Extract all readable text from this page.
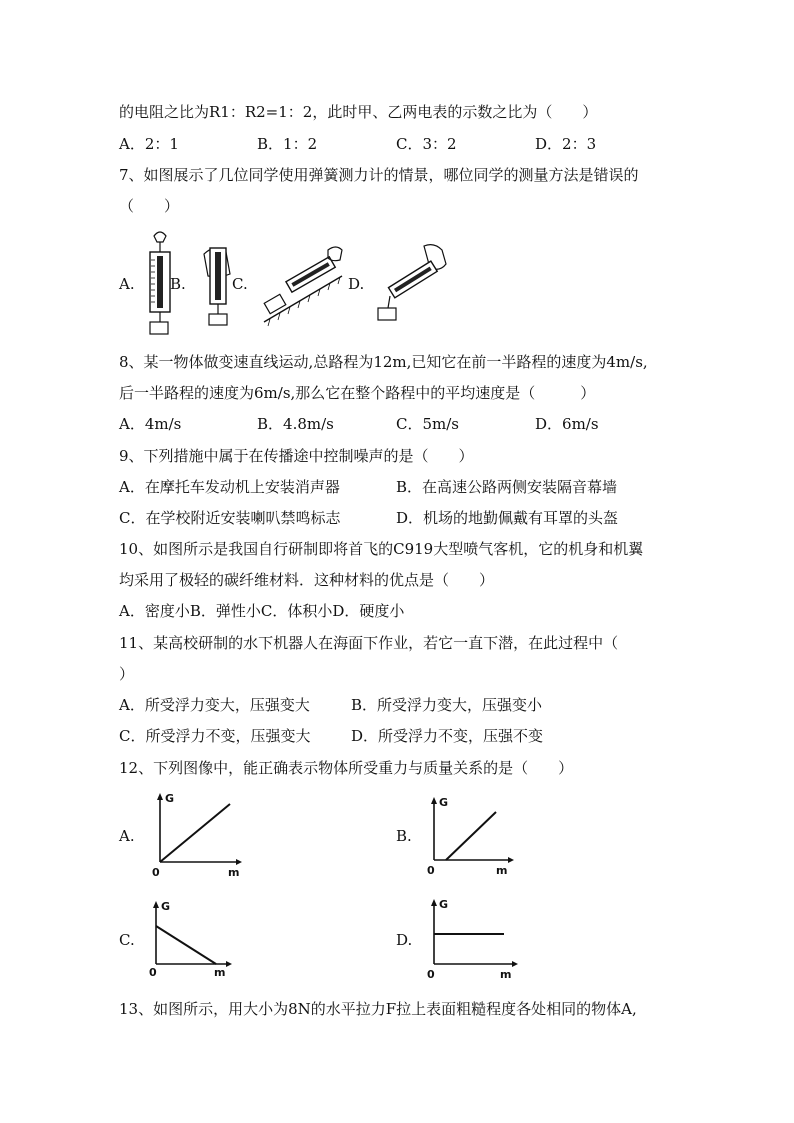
的电阻之比为R1：R2=1：2，此时甲、乙两电表的示数之比为（　　）
A．2：1	B．1：2	C．3：2	D．2：3
7、如图展示了几位同学使用弹簧测力计的情景，哪位同学的测量方法是错误的
（　　）
A. B.	C.	D.
8、某一物体做变速直线运动,总路程为12m,已知它在前一半路程的速度为4m/s,
后一半路程的速度为6m/s,那么它在整个路程中的平均速度是（　　　）
A．4m/s	B．4.8m/s	C．5m/s	D．6m/s
9、下列措施中属于在传播途中控制噪声的是（　　）
A．在摩托车发动机上安装消声器	B．在高速公路两侧安装隔音幕墙
C．在学校附近安装喇叭禁鸣标志	D．机场的地勤佩戴有耳罩的头盔
10、如图所示是我国自行研制即将首飞的C919大型喷气客机，它的机身和机翼
均采用了极轻的碳纤维材料．这种材料的优点是（　　）
A．密度小B．弹性小C．体积小D．硬度小
11、某高校研制的水下机器人在海面下作业，若它一直下潜，在此过程中（
）
A．所受浮力变大，压强变大	B．所受浮力变大，压强变小
C．所受浮力不变，压强变大	D．所受浮力不变，压强不变
12、下列图像中，能正确表示物体所受重力与质量关系的是（　　）
A.
G
m
0
B.
G
m
0
C.
G
m
0
D.
G
m
0
13、如图所示，用大小为8N的水平拉力F拉上表面粗糙程度各处相同的物体A,
